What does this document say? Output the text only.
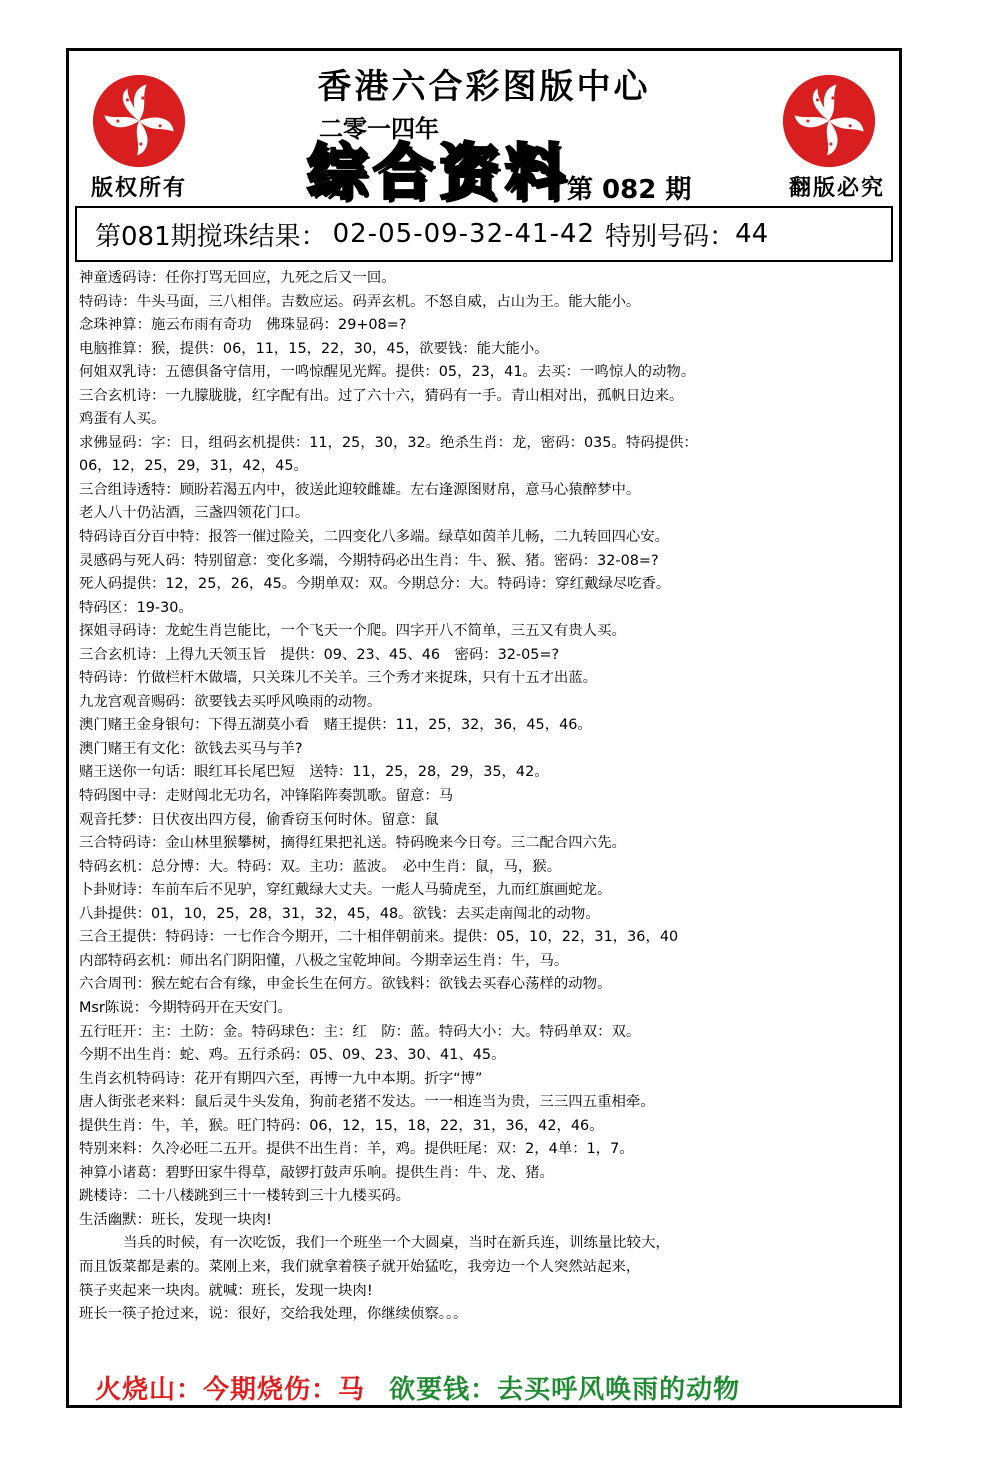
香港六合彩图版中心
二零一四年
综合资料
第 082 期
版权所有	翻版必究
第081期搅珠结果： 02-05-09-32-41-42 特别号码： 44
神童透码诗：任你打骂无回应，九死之后又一回。
特码诗：牛头马面，三八相伴。吉数应运。码弄玄机。不怒自威，占山为王。能大能小。
念珠神算：施云布雨有奇功　佛珠显码：29+08=?
电脑推算：猴，提供：06，11，15，22，30，45，欲要钱：能大能小。
何姐双乳诗：五德俱备守信用，一鸣惊醒见光辉。提供：05，23，41。去买：一鸣惊人的动物。
三合玄机诗：一九朦胧胧，红字配有出。过了六十六，猜码有一手。青山相对出，孤帆日边来。
鸡蛋有人买。
求佛显码：字：日，组码玄机提供：11，25，30，32。绝杀生肖：龙，密码：035。特码提供：
06，12，25，29，31，42，45。
三合组诗透特：顾盼若渴五内中，彼送此迎较雌雄。左右逢源图财帛，意马心猿醉梦中。
老人八十仍沾酒，三盏四领花门口。
特码诗百分百中特：报答一催过险关，二四变化八多端。绿草如茵羊儿畅，二九转回四心安。
灵感码与死人码：特别留意：变化多端，今期特码必出生肖：牛、猴、猪。密码：32-08=?
死人码提供：12，25，26，45。今期单双：双。今期总分：大。特码诗：穿红戴绿尽吃香。
特码区：19-30。
探姐寻码诗：龙蛇生肖岂能比，一个飞天一个爬。四字开八不简单，三五又有贵人买。
三合玄机诗：上得九天领玉旨　提供：09、23、45、46　密码：32-05=?
特码诗：竹做栏杆木做墙，只关珠儿不关羊。三个秀才来捉珠，只有十五才出蓝。
九龙宫观音赐码：欲要钱去买呼风唤雨的动物。
澳门赌王金身银句：下得五湖莫小看　赌王提供：11，25，32，36，45，46。
澳门赌王有文化：欲钱去买马与羊?
赌王送你一句话：眼红耳长尾巴短　送特：11，25，28，29，35，42。
特码图中寻：走财闯北无功名，冲锋陷阵奏凯歌。留意：马
观音托梦：日伏夜出四方侵，偷香窃玉何时休。留意：鼠
三合特码诗：金山林里猴攀树，摘得红果把礼送。特码晚来今日夸。三二配合四六先。
特码玄机：总分博：大。特码：双。主功：蓝波。　必中生肖：鼠，马，猴。
卜卦财诗：车前车后不见驴，穿红戴绿大丈夫。一彪人马骑虎至，九而红旗画蛇龙。
八卦提供：01，10，25，28，31，32，45，48。欲钱：去买走南闯北的动物。
三合王提供：特码诗：一七作合今期开，二十相伴朝前来。提供：05，10，22，31，36，40
内部特码玄机：师出名门阴阳懂，八极之宝乾坤间。今期幸运生肖：牛，马。
六合周刊：猴左蛇右合有缘，申金长生在何方。欲钱料：欲钱去买春心荡样的动物。
Msr陈说：今期特码开在天安门。
五行旺开：主：土防：金。特码球色：主：红　防：蓝。特码大小：大。特码单双：双。
今期不出生肖：蛇、鸡。五行杀码：05、09、23、30、41、45。
生肖玄机特码诗：花开有期四六至，再博一九中本期。折字“博”
唐人街张老来料：鼠后灵牛头发角，狗前老猪不发达。一一相连当为贵，三三四五重相牵。
提供生肖：牛，羊，猴。旺门特码：06，12，15，18，22，31，36，42，46。
特别来料：久冷必旺二五开。提供不出生肖：羊，鸡。提供旺尾：双：2，4单：1，7。
神算小诸葛：碧野田家牛得草，敲锣打鼓声乐响。提供生肖：牛、龙、猪。
跳楼诗：二十八楼跳到三十一楼转到三十九楼买码。
生活幽默：班长，发现一块肉!
当兵的时候，有一次吃饭，我们一个班坐一个大圆桌，当时在新兵连，训练量比较大，
而且饭菜都是素的。菜刚上来，我们就拿着筷子就开始猛吃，我旁边一个人突然站起来，
筷子夹起来一块肉。就喊：班长，发现一块肉!
班长一筷子抢过来，说：很好，交给我处理，你继续侦察。。。
火烧山：今期烧伤：马 欲要钱：去买呼风唤雨的动物
